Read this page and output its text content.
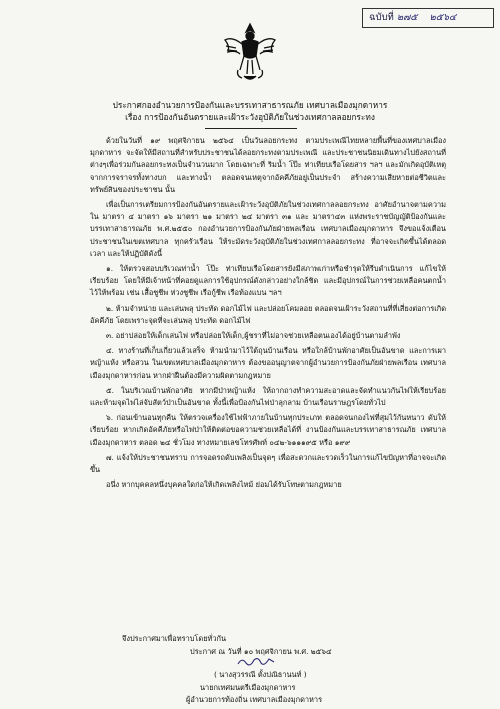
ฉบับที่ ๒๗๕ ๒๕๖๔
ประกาศกองอำนวยการป้องกันและบรรเทาสาธารณภัย เทศบาลเมืองมุกดาหาร
เรื่อง การป้องกันอันตรายและเฝ้าระวังอุบัติภัยในช่วงเทศกาลลอยกระทง

ด้วยในวันที่ ๑๙ พฤศจิกายน ๒๕๖๔ เป็นวันลอยกระทง ตามประเพณีไทยหลายพื้นที่ของเทศบาลเมืองมุกดาหาร จะจัดให้มีสถานที่สำหรับประชาชนได้ลอยกระทงตามประเพณี และประชาชนนิยมเดินทางไปยังสถานที่ต่างๆเพื่อร่วมกันลอยกระทงเป็นจำนวนมาก โดยเฉพาะที่ ริมน้ำ โป๊ะ ท่าเทียบเรือโดยสาร ฯลฯ และมักเกิดอุบัติเหตุจากการจราจรทั้งทางบก และทางน้ำ ตลอดจนเหตุจากอัคคีภัยอยู่เป็นประจำ สร้างความเสียหายต่อชีวิตและทรัพย์สินของประชาชน นั้น

เพื่อเป็นการเตรียมการป้องกันอันตรายและเฝ้าระวังอุบัติภัยในช่วงเทศกาลลอยกระทง อาศัยอำนาจตามความใน มาตรา ๔ มาตรา ๑๖ มาตรา ๒๑ มาตรา ๒๔ มาตรา ๓๑ และ มาตรา๔๓ แห่งพระราชบัญญัติป้องกันและบรรเทาสาธารณภัย พ.ศ.๒๕๕๐ กองอำนวยการป้องกันภัยฝ่ายพลเรือน เทศบาลเมืองมุกดาหาร จึงขอแจ้งเตือนประชาชนในเขตเทศบาล ทุกครัวเรือน ให้ระมัดระวังอุบัติภัยในช่วงเทศกาลลอยกระทง ที่อาจจะเกิดขึ้นได้ตลอดเวลา และให้ปฏิบัติดังนี้

๑. ให้ตรวจสอบบริเวณท่าน้ำ โป๊ะ ท่าเทียบเรือโดยสารยังมีสภาพเก่าหรือชำรุดให้รีบดำเนินการ แก้ไขให้เรียบร้อย โดยให้มีเจ้าหน้าที่คอยดูแลการใช้อุปกรณ์ดังกล่าวอย่างใกล้ชิด และมีอุปกรณ์ในการช่วยเหลือคนตกน้ำไว้ให้พร้อม เช่น เสื้อชูชีพ ห่วงชูชีพ เรือกู้ชีพ เรือท้องแบน ฯลฯ

๒. ห้ามจำหน่าย และเล่นพลุ ประทัด ดอกไม้ไฟ และปล่อยโคมลอย ตลอดจนเฝ้าระวังสถานที่ที่เสี่ยงต่อการเกิดอัคคีภัย โดยเพราะจุดที่จะเล่นพลุ ประทัด ดอกไม้ไฟ

๓. อย่าปล่อยให้เด็กเล่นไฟ หรือปล่อยให้เด็ก,ผู้ชราที่ไม่อาจช่วยเหลือตนเองได้อยู่บ้านตามลำพัง

๔. ทางร้านที่เก็บเกี่ยวแล้วเสร็จ ห้ามนำมาไว้ใต้ถุนบ้านเรือน หรือใกล้บ้านพักอาศัยเป็นอันขาด และการเผาหญ้าแห้ง หรือสวน ในเขตเทศบาลเมืองมุกดาหาร ต้องขออนุญาตจากผู้อำนวยการป้องกันภัยฝ่ายพลเรือน เทศบาลเมืองมุกดาหารก่อน หากฝ่าฝืนต้องมีความผิดตามกฎหมาย

๕. ในบริเวณบ้านพักอาศัย หากมีป่าหญ้าแห้ง ให้ถากถางทำความสะอาดและจัดทำแนวกันไฟให้เรียบร้อย และห้ามจุดไฟไล่จับสัตว์ป่าเป็นอันขาด ทั้งนี้เพื่อป้องกันไฟป่าลุกลาม บ้านเรือนราษฎรโดยทั่วไป

๖. ก่อนเข้านอนทุกคืน ให้ตรวจเครื่องใช้ไฟฟ้าภายในบ้านทุกประเภท ตลอดจนกองไฟที่สุมไว้กันหนาว ดับให้เรียบร้อย หากเกิดอัคคีภัยหรือไฟป่าให้ติดต่อขอความช่วยเหลือได้ที่ งานป้องกันและบรรเทาสาธารณภัย เทศบาลเมืองมุกดาหาร ตลอด ๒๔ ชั่วโมง ทางหมายเลขโทรศัพท์ ๐๔๒-๖๑๑๑๙๕ หรือ ๑๙๙

๗. แจ้งให้ประชาชนทราบ การจอดรถดับเพลิงเป็นจุดๆ เพื่อสะดวกและรวดเร็วในการแก้ไขปัญหาที่อาจจะเกิดขึ้น

อนึ่ง หากบุคคลหนึ่งบุคคลใดก่อให้เกิดเพลิงไหม้ ย่อมได้รับโทษตามกฎหมาย

จึงประกาศมาเพื่อทราบโดยทั่วกัน
ประกาศ ณ วันที่ ๑๐ พฤศจิกายน พ.ศ. ๒๕๖๔
( นางสุวรรณี ตั้งปณิธานนท์ )
นายกเทศมนตรีเมืองมุกดาหาร
ผู้อำนวยการท้องถิ่น เทศบาลเมืองมุกดาหาร
